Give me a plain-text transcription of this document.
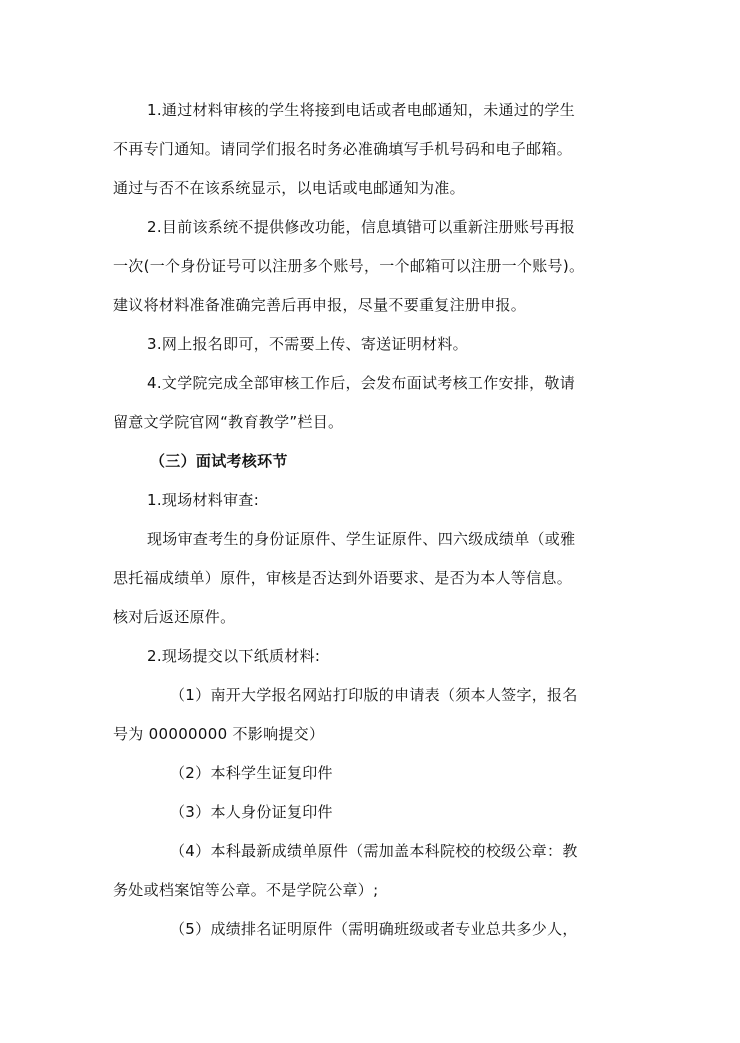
1.通过材料审核的学生将接到电话或者电邮通知，未通过的学生
不再专门通知。请同学们报名时务必准确填写手机号码和电子邮箱。
通过与否不在该系统显示，以电话或电邮通知为准。
2.目前该系统不提供修改功能，信息填错可以重新注册账号再报
一次(一个身份证号可以注册多个账号，一个邮箱可以注册一个账号)。
建议将材料准备准确完善后再申报，尽量不要重复注册申报。
3.网上报名即可，不需要上传、寄送证明材料。
4.文学院完成全部审核工作后，会发布面试考核工作安排，敬请
留意文学院官网“教育教学”栏目。
（三）面试考核环节
1.现场材料审查:
现场审查考生的身份证原件、学生证原件、四六级成绩单（或雅
思托福成绩单）原件，审核是否达到外语要求、是否为本人等信息。
核对后返还原件。
2.现场提交以下纸质材料:
（1）南开大学报名网站打印版的申请表（须本人签字，报名
号为 00000000 不影响提交）
（2）本科学生证复印件
（3）本人身份证复印件
（4）本科最新成绩单原件（需加盖本科院校的校级公章：教
务处或档案馆等公章。不是学院公章）;
（5）成绩排名证明原件（需明确班级或者专业总共多少人，
